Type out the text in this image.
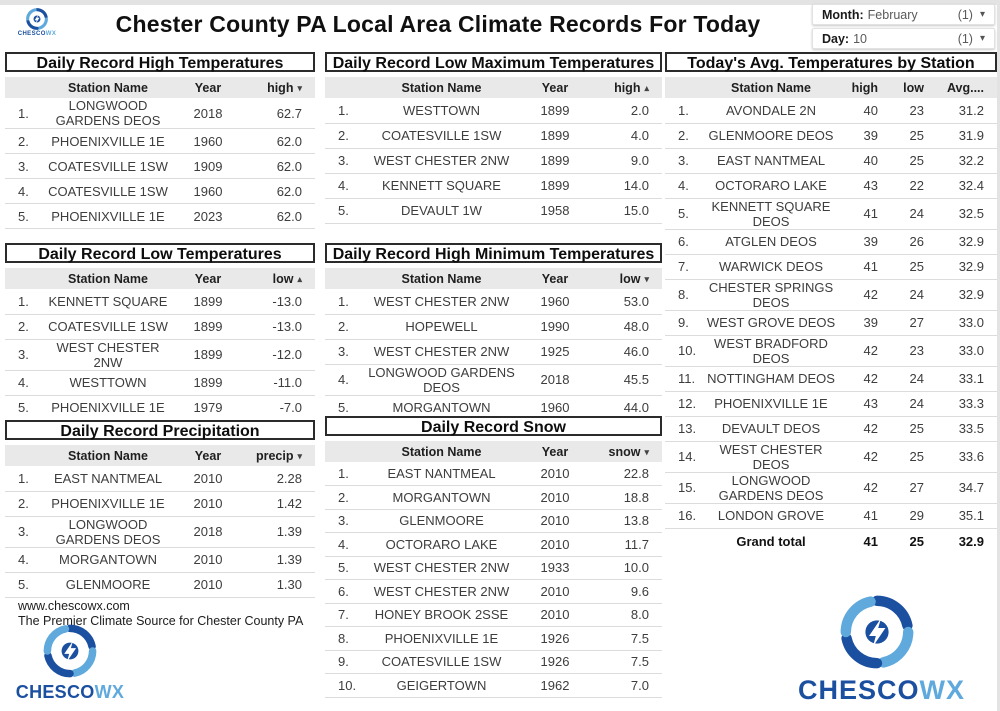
CHESCOWX	Chester County PA Local Area Climate Records For Today	Month: February	(1) ▾
Day: 10	(1) ▾
Daily Record High Temperatures
	Station Name	Year	high ▾
1.	LONGWOOD GARDENS DEOS	2018	62.7
2.	PHOENIXVILLE 1E	1960	62.0
3.	COATESVILLE 1SW	1909	62.0
4.	COATESVILLE 1SW	1960	62.0
5.	PHOENIXVILLE 1E	2023	62.0
Daily Record Low Maximum Temperatures
	Station Name	Year	high ▴
1.	WESTTOWN	1899	2.0
2.	COATESVILLE 1SW	1899	4.0
3.	WEST CHESTER 2NW	1899	9.0
4.	KENNETT SQUARE	1899	14.0
5.	DEVAULT 1W	1958	15.0
Daily Record Low Temperatures
	Station Name	Year	low ▴
1.	KENNETT SQUARE	1899	-13.0
2.	COATESVILLE 1SW	1899	-13.0
3.	WEST CHESTER 2NW	1899	-12.0
4.	WESTTOWN	1899	-11.0
5.	PHOENIXVILLE 1E	1979	-7.0
Daily Record High Minimum Temperatures
	Station Name	Year	low ▾
1.	WEST CHESTER 2NW	1960	53.0
2.	HOPEWELL	1990	48.0
3.	WEST CHESTER 2NW	1925	46.0
4.	LONGWOOD GARDENS DEOS	2018	45.5
5.	MORGANTOWN	1960	44.0
Daily Record Precipitation
	Station Name	Year	precip ▾
1.	EAST NANTMEAL	2010	2.28
2.	PHOENIXVILLE 1E	2010	1.42
3.	LONGWOOD GARDENS DEOS	2018	1.39
4.	MORGANTOWN	2010	1.39
5.	GLENMOORE	2010	1.30
Daily Record Snow
	Station Name	Year	snow ▾
1.	EAST NANTMEAL	2010	22.8
2.	MORGANTOWN	2010	18.8
3.	GLENMOORE	2010	13.8
4.	OCTORARO LAKE	2010	11.7
5.	WEST CHESTER 2NW	1933	10.0
6.	WEST CHESTER 2NW	2010	9.6
7.	HONEY BROOK 2SSE	2010	8.0
8.	PHOENIXVILLE 1E	1926	7.5
9.	COATESVILLE 1SW	1926	7.5
10.	GEIGERTOWN	1962	7.0
Today's Avg. Temperatures by Station
	Station Name	high	low	Avg....
1.	AVONDALE 2N	40	23	31.2
2.	GLENMOORE DEOS	39	25	31.9
3.	EAST NANTMEAL	40	25	32.2
4.	OCTORARO LAKE	43	22	32.4
5.	KENNETT SQUARE DEOS	41	24	32.5
6.	ATGLEN DEOS	39	26	32.9
7.	WARWICK DEOS	41	25	32.9
8.	CHESTER SPRINGS DEOS	42	24	32.9
9.	WEST GROVE DEOS	39	27	33.0
10.	WEST BRADFORD DEOS	42	23	33.0
11.	NOTTINGHAM DEOS	42	24	33.1
12.	PHOENIXVILLE 1E	43	24	33.3
13.	DEVAULT DEOS	42	25	33.5
14.	WEST CHESTER DEOS	42	25	33.6
15.	LONGWOOD GARDENS DEOS	42	27	34.7
16.	LONDON GROVE	41	29	35.1
	Grand total	41	25	32.9
www.chescowx.com
The Premier Climate Source for Chester County PA
CHESCOWX	CHESCOWX
